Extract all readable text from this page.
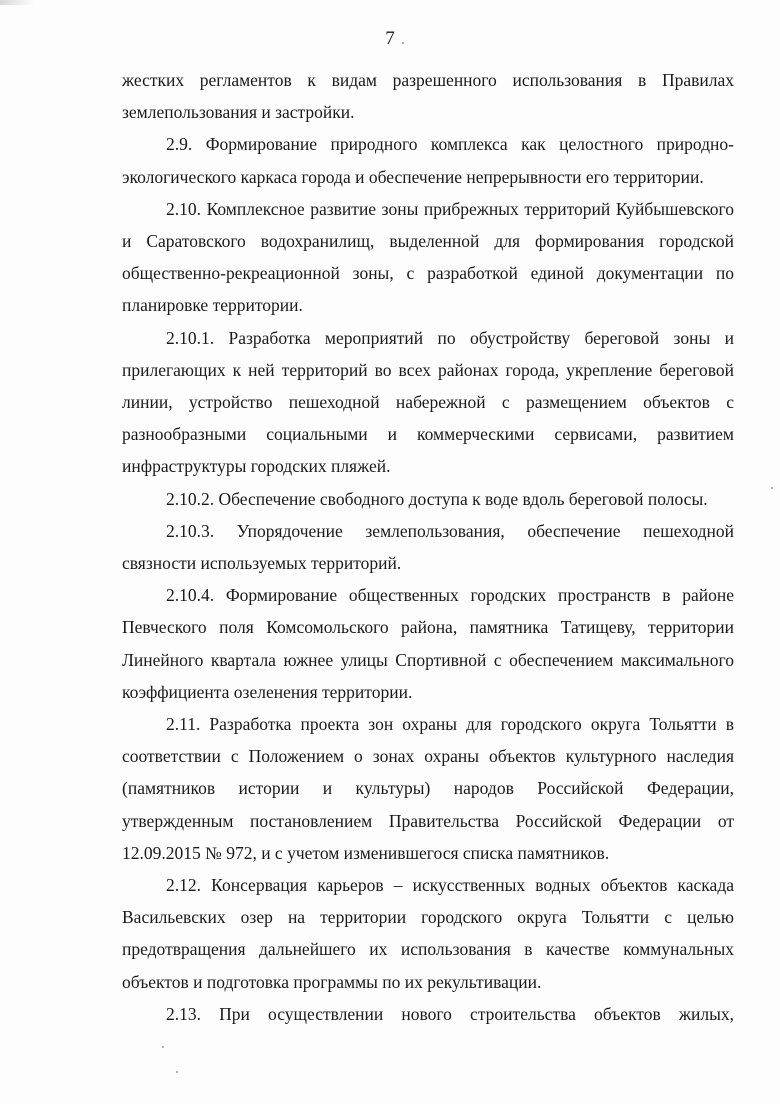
7

жестких регламентов к видам разрешенного использования в Правилах землепользования и застройки.

2.9. Формирование природного комплекса как целостного природно-экологического каркаса города и обеспечение непрерывности его территории.

2.10. Комплексное развитие зоны прибрежных территорий Куйбышевского и Саратовского водохранилищ, выделенной для формирования городской общественно-рекреационной зоны, с разработкой единой документации по планировке территории.

2.10.1. Разработка мероприятий по обустройству береговой зоны и прилегающих к ней территорий во всех районах города, укрепление береговой линии, устройство пешеходной набережной с размещением объектов с разнообразными социальными и коммерческими сервисами, развитием инфраструктуры городских пляжей.

2.10.2. Обеспечение свободного доступа к воде вдоль береговой полосы.

2.10.3. Упорядочение землепользования, обеспечение пешеходной связности используемых территорий.

2.10.4. Формирование общественных городских пространств в районе Певческого поля Комсомольского района, памятника Татищеву, территории Линейного квартала южнее улицы Спортивной с обеспечением максимального коэффициента озеленения территории.

2.11. Разработка проекта зон охраны для городского округа Тольятти в соответствии с Положением о зонах охраны объектов культурного наследия (памятников истории и культуры) народов Российской Федерации, утвержденным постановлением Правительства Российской Федерации от 12.09.2015 № 972, и с учетом изменившегося списка памятников.

2.12. Консервация карьеров – искусственных водных объектов каскада Васильевских озер на территории городского округа Тольятти с целью предотвращения дальнейшего их использования в качестве коммунальных объектов и подготовка программы по их рекультивации.

2.13. При осуществлении нового строительства объектов жилых,
